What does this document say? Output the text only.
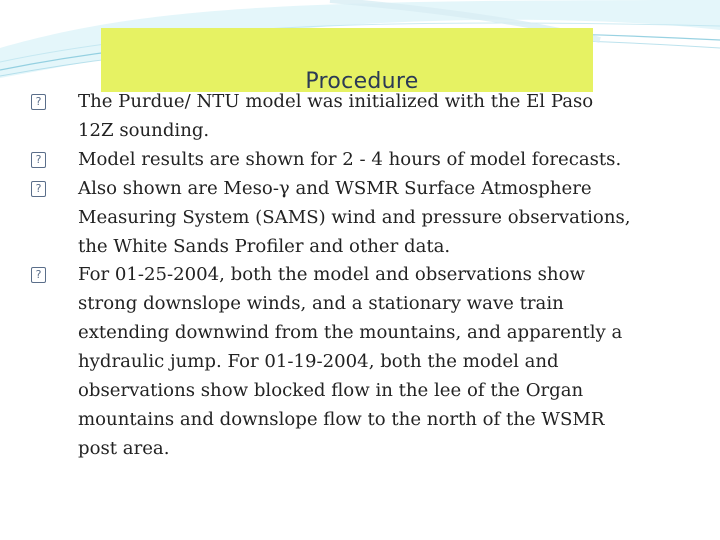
Procedure
? The Purdue/ NTU model was initialized with the El Paso
12Z sounding.
? Model results are shown for 2 - 4 hours of model forecasts.
? Also shown are Meso-γ and WSMR Surface Atmosphere
Measuring System (SAMS) wind and pressure observations,
the White Sands Profiler and other data.
? For 01-25-2004, both the model and observations show
strong downslope winds, and a stationary wave train
extending downwind from the mountains, and apparently a
hydraulic jump. For 01-19-2004, both the model and
observations show blocked flow in the lee of the Organ
mountains and downslope flow to the north of the WSMR
post area.
